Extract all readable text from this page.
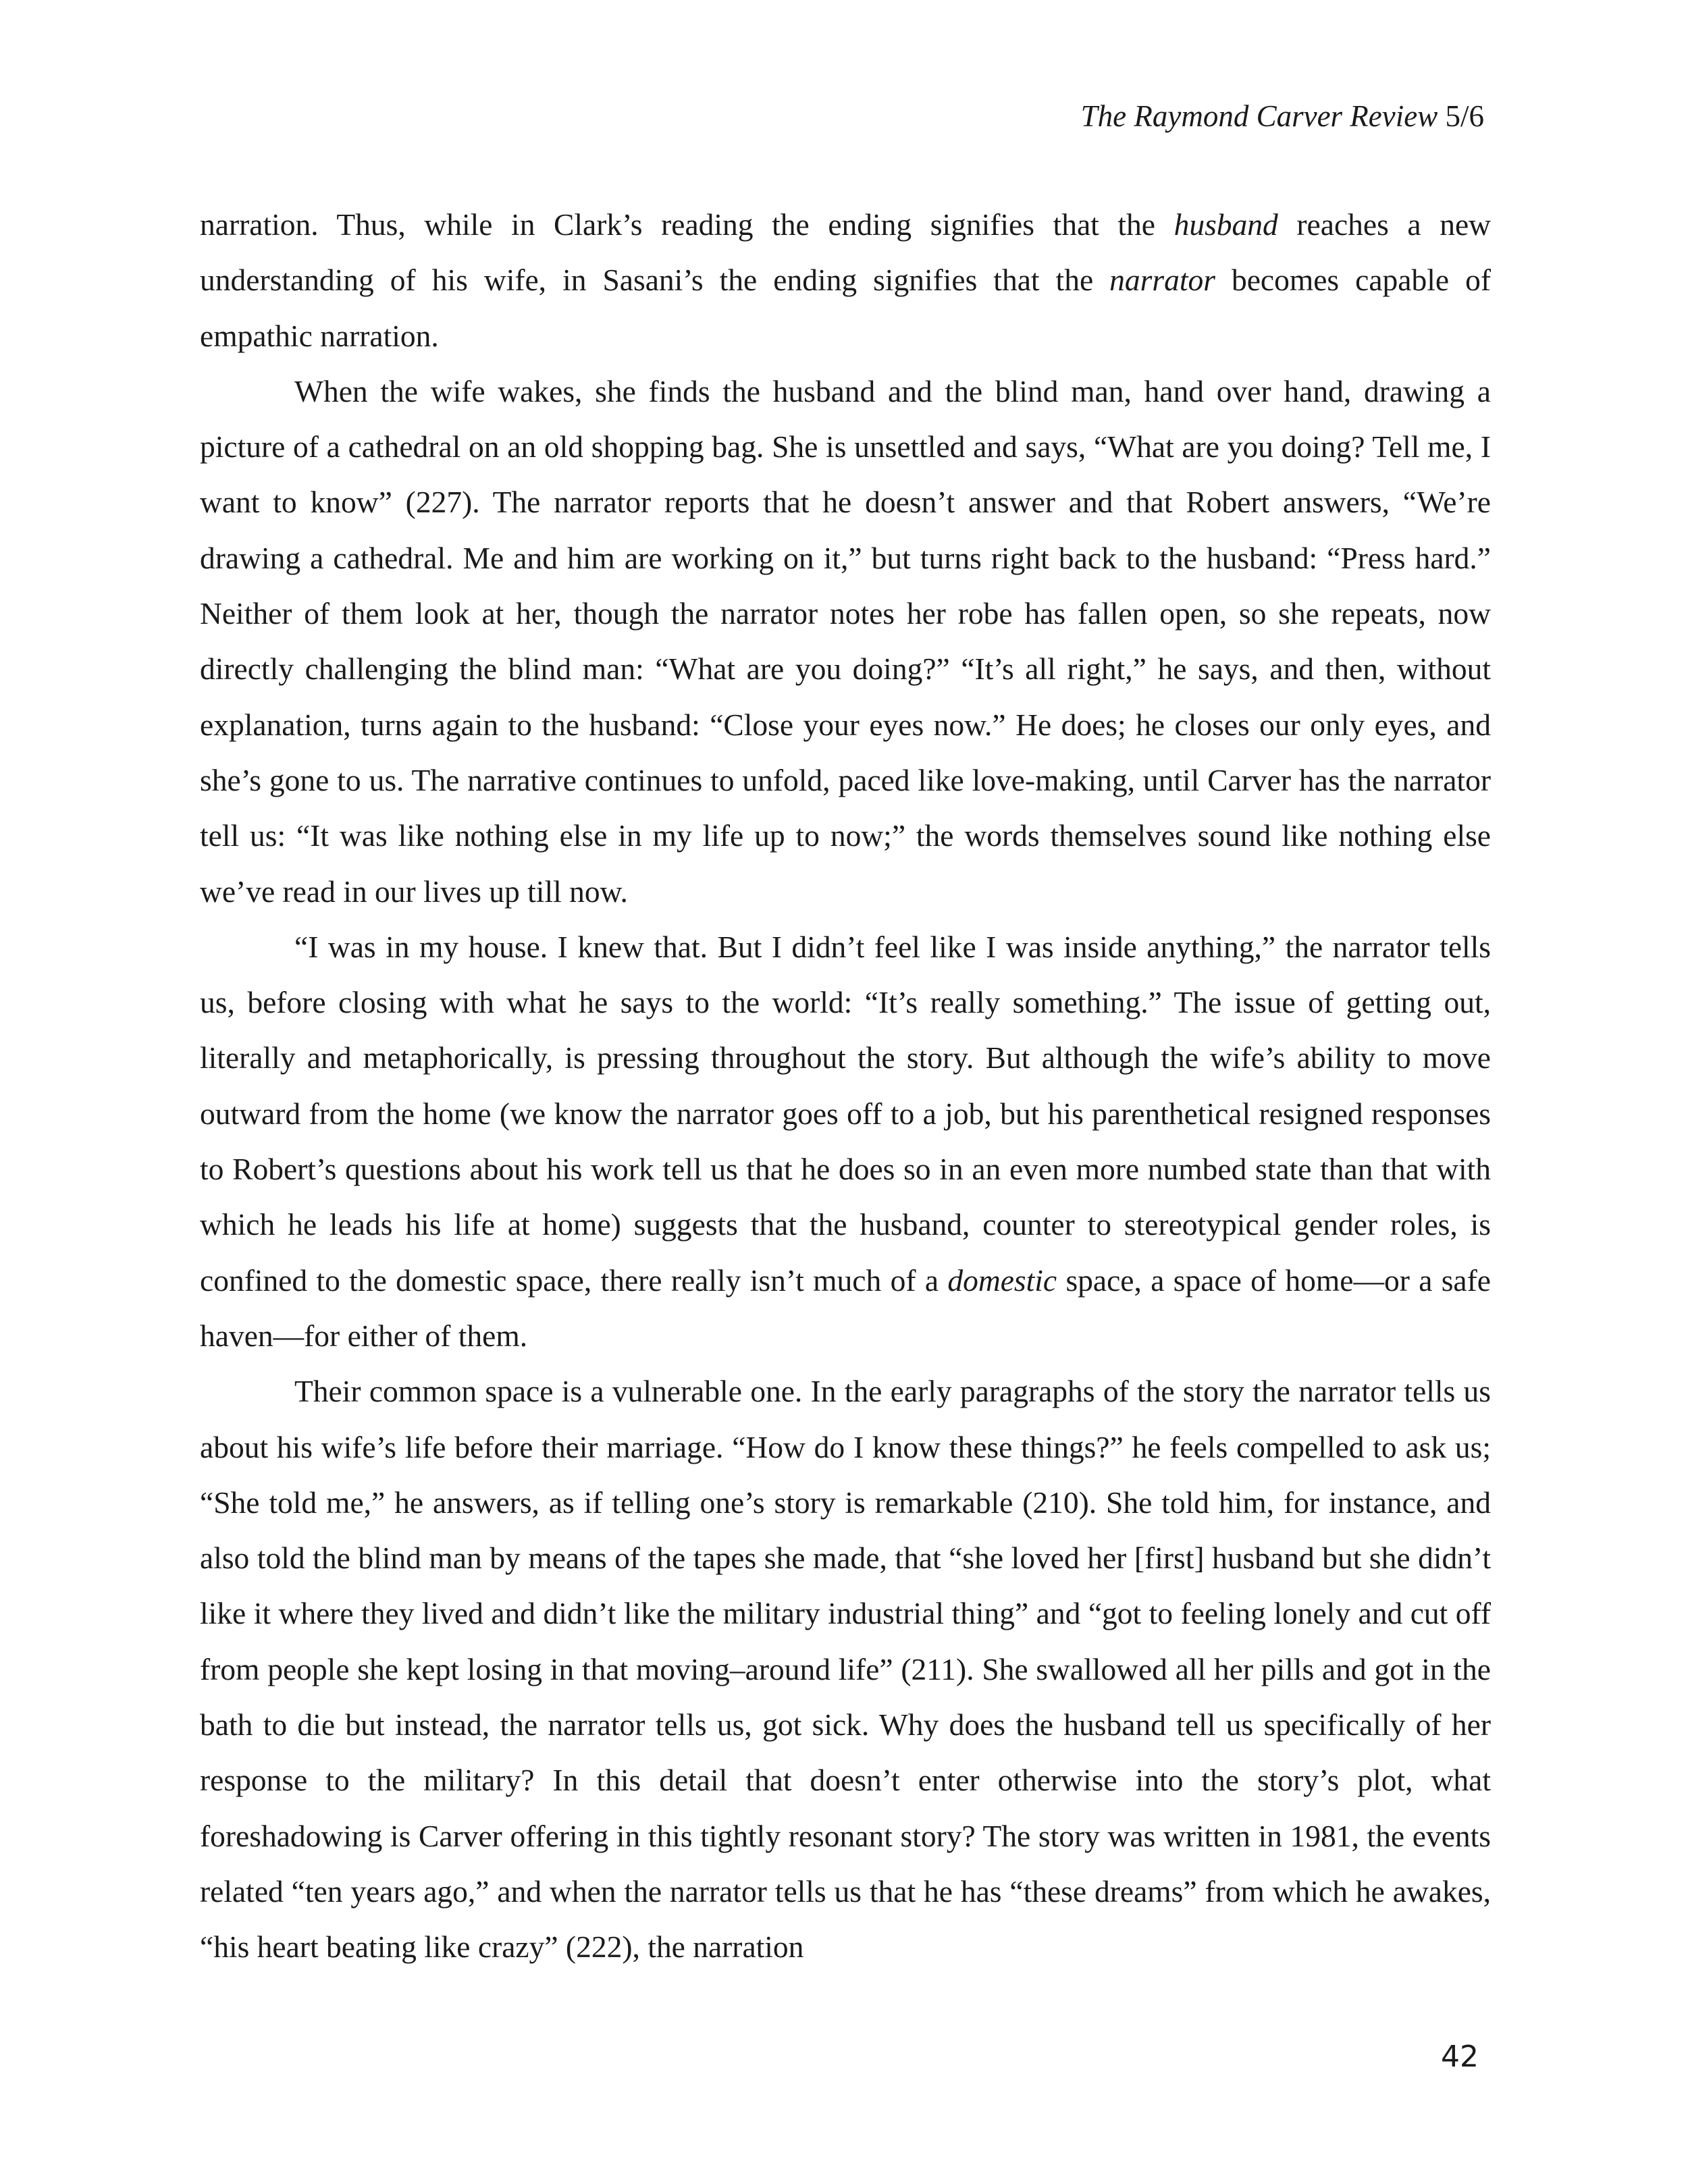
The Raymond Carver Review 5/6

narration. Thus, while in Clark’s reading the ending signifies that the husband reaches a new understanding of his wife, in Sasani’s the ending signifies that the narrator becomes capable of empathic narration.

When the wife wakes, she finds the husband and the blind man, hand over hand, drawing a picture of a cathedral on an old shopping bag. She is unsettled and says, “What are you doing? Tell me, I want to know” (227). The narrator reports that he doesn’t answer and that Robert answers, “We’re drawing a cathedral. Me and him are working on it,” but turns right back to the husband: “Press hard.” Neither of them look at her, though the narrator notes her robe has fallen open, so she repeats, now directly challenging the blind man: “What are you doing?” “It’s all right,” he says, and then, without explanation, turns again to the husband: “Close your eyes now.” He does; he closes our only eyes, and she’s gone to us. The narrative continues to unfold, paced like love-making, until Carver has the narrator tell us: “It was like nothing else in my life up to now;” the words themselves sound like nothing else we’ve read in our lives up till now.

“I was in my house. I knew that. But I didn’t feel like I was inside anything,” the narrator tells us, before closing with what he says to the world: “It’s really something.” The issue of getting out, literally and metaphorically, is pressing throughout the story. But although the wife’s ability to move outward from the home (we know the narrator goes off to a job, but his parenthetical resigned responses to Robert’s questions about his work tell us that he does so in an even more numbed state than that with which he leads his life at home) suggests that the husband, counter to stereotypical gender roles, is confined to the domestic space, there really isn’t much of a domestic space, a space of home—or a safe haven—for either of them.

Their common space is a vulnerable one. In the early paragraphs of the story the narrator tells us about his wife’s life before their marriage. “How do I know these things?” he feels compelled to ask us; “She told me,” he answers, as if telling one’s story is remarkable (210). She told him, for instance, and also told the blind man by means of the tapes she made, that “she loved her [first] husband but she didn’t like it where they lived and didn’t like the military industrial thing” and “got to feeling lonely and cut off from people she kept losing in that moving–around life” (211). She swallowed all her pills and got in the bath to die but instead, the narrator tells us, got sick. Why does the husband tell us specifically of her response to the military? In this detail that doesn’t enter otherwise into the story’s plot, what foreshadowing is Carver offering in this tightly resonant story? The story was written in 1981, the events related “ten years ago,” and when the narrator tells us that he has “these dreams” from which he awakes, “his heart beating like crazy” (222), the narration

42
